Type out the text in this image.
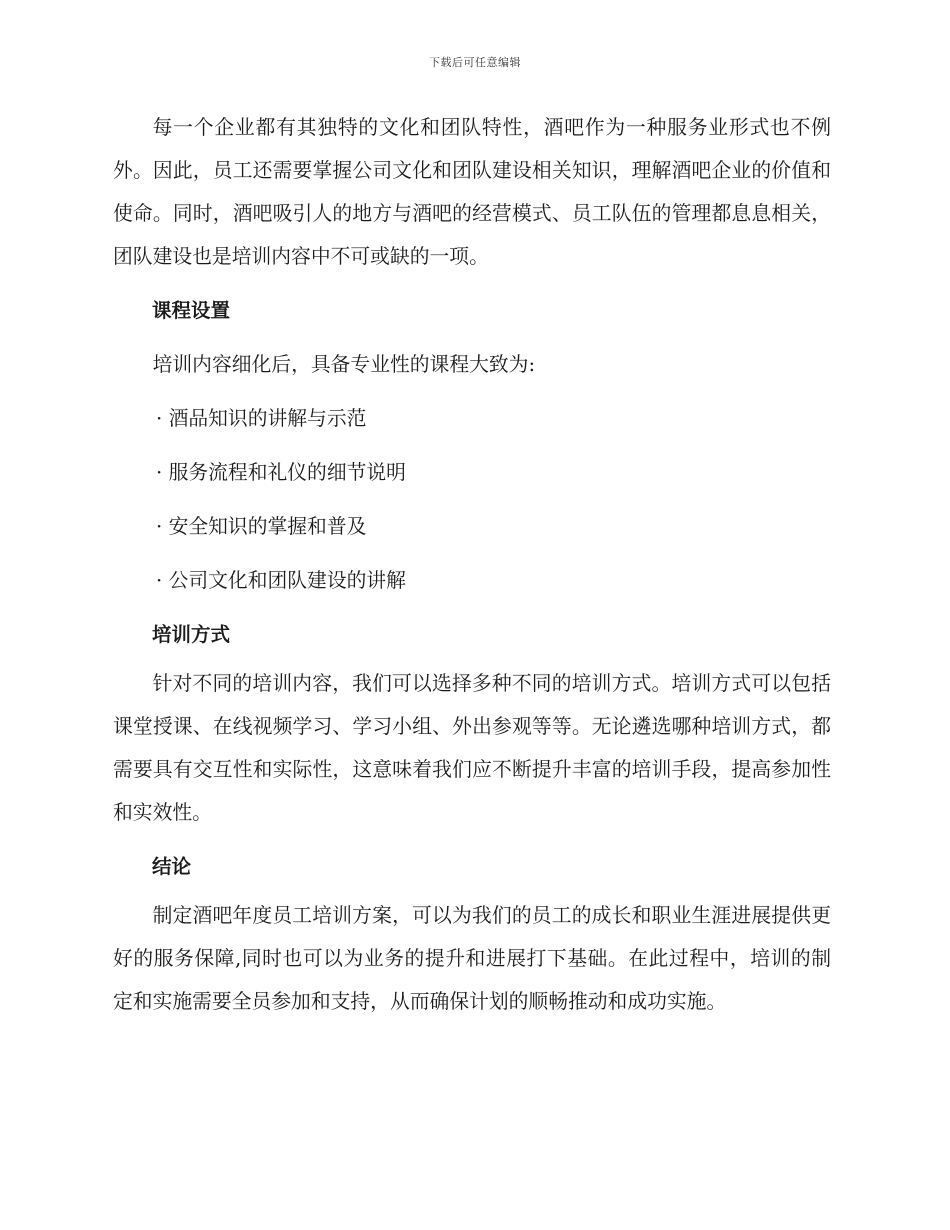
下载后可任意编辑

每一个企业都有其独特的文化和团队特性，酒吧作为一种服务业形式也不例外。因此，员工还需要掌握公司文化和团队建设相关知识，理解酒吧企业的价值和使命。同时，酒吧吸引人的地方与酒吧的经营模式、员工队伍的管理都息息相关，团队建设也是培训内容中不可或缺的一项。

课程设置
培训内容细化后，具备专业性的课程大致为:
· 酒品知识的讲解与示范
· 服务流程和礼仪的细节说明
· 安全知识的掌握和普及
· 公司文化和团队建设的讲解
培训方式

针对不同的培训内容，我们可以选择多种不同的培训方式。培训方式可以包括课堂授课、在线视频学习、学习小组、外出参观等等。无论遴选哪种培训方式，都需要具有交互性和实际性，这意味着我们应不断提升丰富的培训手段，提高参加性和实效性。

结论

制定酒吧年度员工培训方案，可以为我们的员工的成长和职业生涯进展提供更好的服务保障,同时也可以为业务的提升和进展打下基础。在此过程中，培训的制定和实施需要全员参加和支持，从而确保计划的顺畅推动和成功实施。
